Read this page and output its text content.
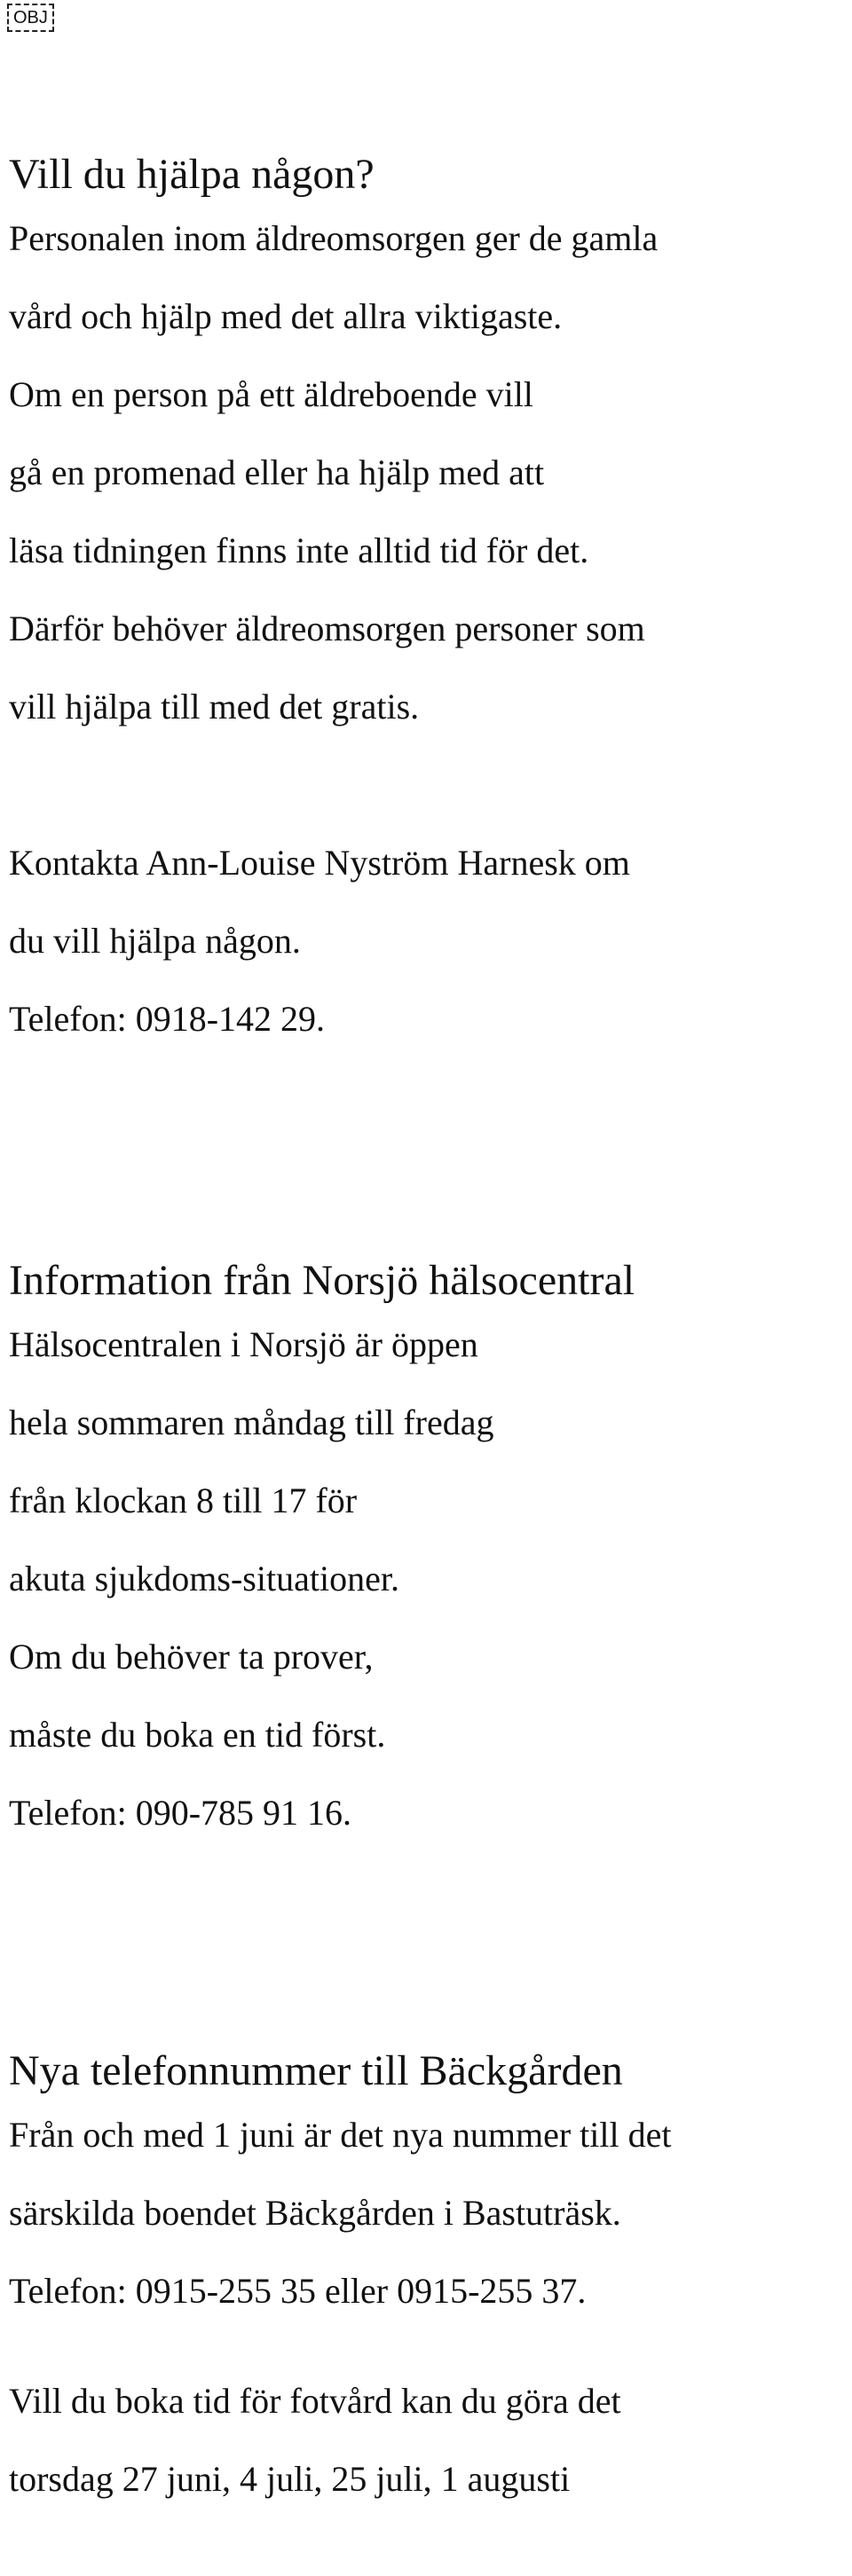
OBJ
Vill du hjälpa någon?

Personalen inom äldreomsorgen ger de gamla

vård och hjälp med det allra viktigaste.

Om en person på ett äldreboende vill

gå en promenad eller ha hjälp med att

läsa tidningen finns inte alltid tid för det.

Därför behöver äldreomsorgen personer som

vill hjälpa till med det gratis.

Kontakta Ann-Louise Nyström Harnesk om

du vill hjälpa någon.

Telefon: 0918-142 29.

Information från Norsjö hälsocentral

Hälsocentralen i Norsjö är öppen

hela sommaren måndag till fredag

från klockan 8 till 17 för

akuta sjukdoms-situationer.

Om du behöver ta prover,

måste du boka en tid först.

Telefon: 090-785 91 16.

Nya telefonnummer till Bäckgården

Från och med 1 juni är det nya nummer till det

särskilda boendet Bäckgården i Bastuträsk.

Telefon: 0915-255 35 eller 0915-255 37.

Vill du boka tid för fotvård kan du göra det

torsdag 27 juni, 4 juli, 25 juli, 1 augusti
